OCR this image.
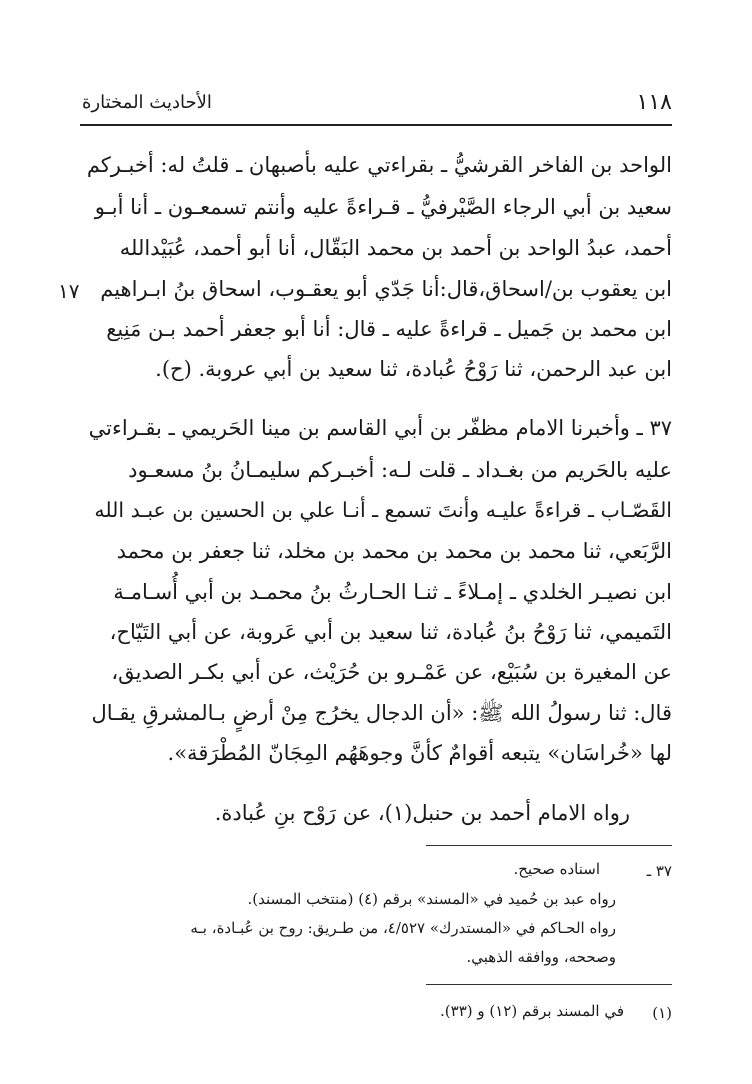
١١٨
الأحاديث المختارة
١٧
الواحد بن الفاخر القرشيُّ ـ بقراءتي عليه بأصبهان ـ قلتُ له: أخبـركم
سعيد بن أبي الرجاء الصَّيْرفيُّ ـ قـراءةً عليه وأنتم تسمعـون ـ أنا أبـو
أحمد، عبدُ الواحد بن أحمد بن محمد البَقّال، أنا أبو أحمد، عُبَيْدالله
ابن يعقوب بن/اسحاق،قال:أنا جَدّي أبو يعقـوب، اسحاق بنُ ابـراهيم
ابن محمد بن جَميل ـ قراءةً عليه ـ قال: أنا أبو جعفر أحمد بـن مَنِيع
ابن عبد الرحمن، ثنا رَوْحُ عُبادة، ثنا سعيد بن أبي عروبة. (ح).
٣٧ ـ وأخبرنا الامام مظفّر بن أبي القاسم بن مينا الحَريمي ـ بقـراءتي
عليه بالحَريم من بغـداد ـ قلت لـه: أخبـركم سليمـانُ بنُ مسعـود
القَصّـاب ـ قراءةً عليـه وأنتَ تسمع ـ أنـا علي بن الحسين بن عبـد الله
الرَّبَعي، ثنا محمد بن محمد بن محمد بن مخلد، ثنا جعفر بن محمد
ابن نصيـر الخلدي ـ إمـلاءً ـ ثنـا الحـارثُ بنُ محمـد بن أبي أُسـامـة
التَميمي، ثنا رَوْحُ بنُ عُبادة، ثنا سعيد بن أبي عَروبة، عن أبي التَيّاح،
عن المغيرة بن سُبَيْع، عن عَمْـرو بن حُرَيْث، عن أبي بكـر الصديق،
قال: ثنا رسولُ الله ﷺ: «أن الدجال يخرُج مِنْ أرضٍ بـالمشرقِ يقـال
لها «خُراسَان» يتبعه أقوامٌ كأنَّ وجوهَهُم المِجَانّ المُطْرَقة».
رواه الامام أحمد بن حنبل(١)، عن رَوْح بنِ عُبادة.
٣٧ ـ
اسناده صحيح.
رواه عبد بن حُميد في «المسند» برقم (٤) (منتخب المسند).
رواه الحـاكم في «المستدرك» ٤/٥٢٧، من طـريق: روح بن عُبـادة، بـه
وصححه، ووافقه الذهبي.
(١)
في المسند برقم (١٢) و (٣٣).
